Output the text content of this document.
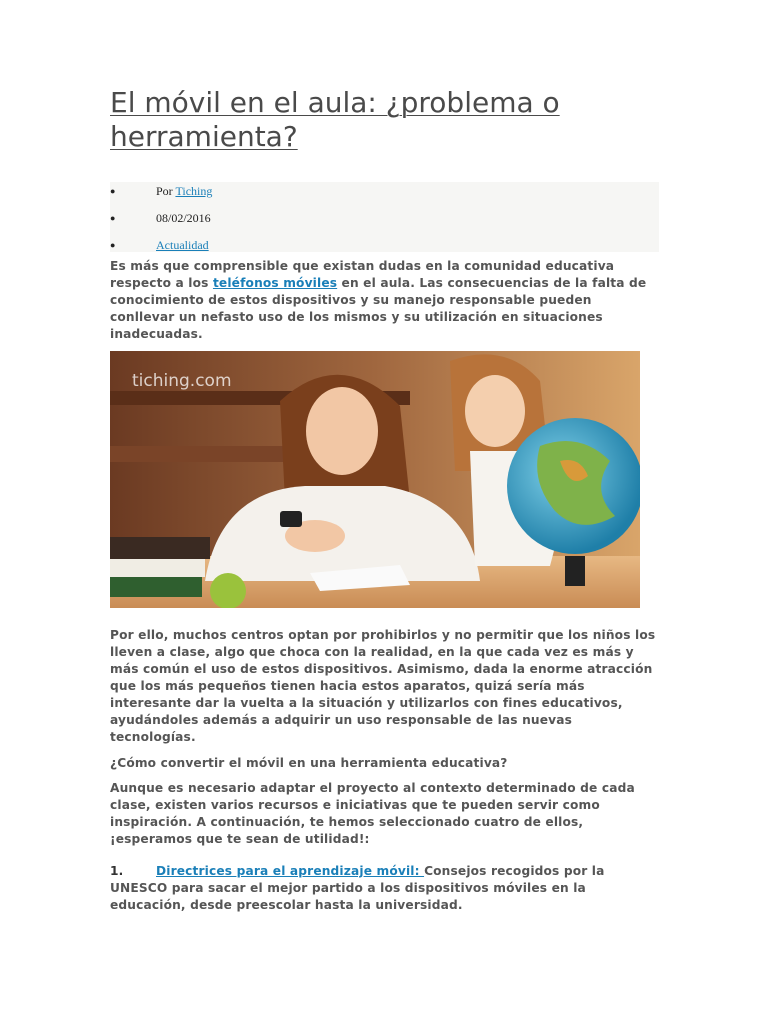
El móvil en el aula: ¿problema o herramienta?
●	Por Tiching
●	08/02/2016
●	Actualidad

Es más que comprensible que existan dudas en la comunidad educativa respecto a los teléfonos móviles en el aula. Las consecuencias de la falta de conocimiento de estos dispositivos y su manejo responsable pueden conllevar un nefasto uso de los mismos y su utilización en situaciones inadecuadas.

tiching.com

Por ello, muchos centros optan por prohibirlos y no permitir que los niños los lleven a clase, algo que choca con la realidad, en la que cada vez es más y más común el uso de estos dispositivos. Asimismo, dada la enorme atracción que los más pequeños tienen hacia estos aparatos, quizá sería más interesante dar la vuelta a la situación y utilizarlos con fines educativos, ayudándoles además a adquirir un uso responsable de las nuevas tecnologías.

¿Cómo convertir el móvil en una herramienta educativa?

Aunque es necesario adaptar el proyecto al contexto determinado de cada clase, existen varios recursos e iniciativas que te pueden servir como inspiración. A continuación, te hemos seleccionado cuatro de ellos, ¡esperamos que te sean de utilidad!:

1.	Directrices para el aprendizaje móvil: Consejos recogidos por la UNESCO para sacar el mejor partido a los dispositivos móviles en la educación, desde preescolar hasta la universidad.
